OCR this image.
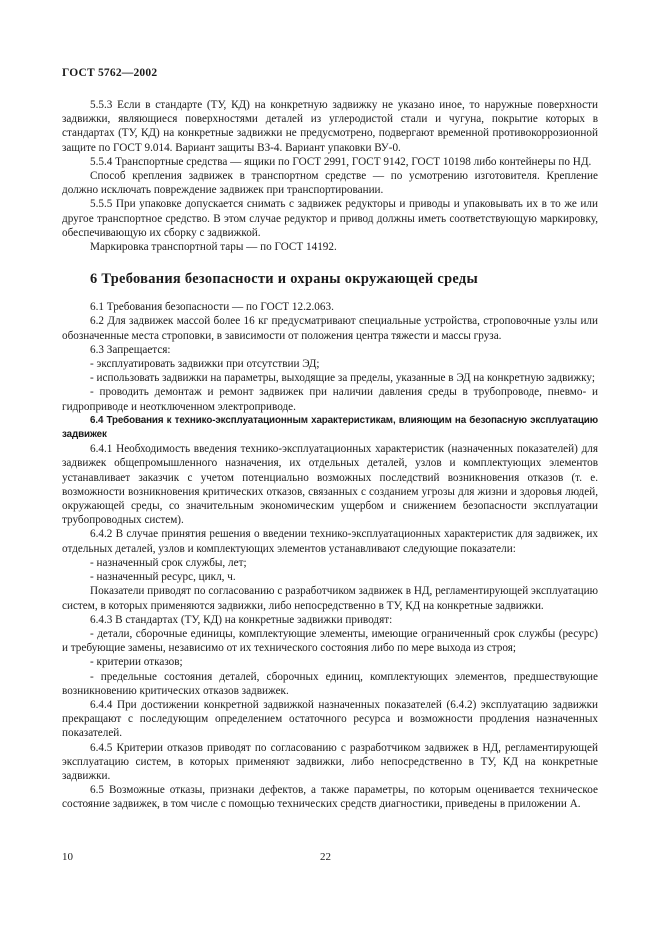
ГОСТ 5762—2002

5.5.3 Если в стандарте (ТУ, КД) на конкретную задвижку не указано иное, то наружные поверхности задвижки, являющиеся поверхностями деталей из углеродистой стали и чугуна, покрытие которых в стандартах (ТУ, КД) на конкретные задвижки не предусмотрено, подвергают временной противокоррозионной защите по ГОСТ 9.014. Вариант защиты ВЗ-4. Вариант упаковки ВУ-0.

5.5.4 Транспортные средства — ящики по ГОСТ 2991, ГОСТ 9142, ГОСТ 10198 либо контейнеры по НД.

Способ крепления задвижек в транспортном средстве — по усмотрению изготовителя. Крепление должно исключать повреждение задвижек при транспортировании.

5.5.5 При упаковке допускается снимать с задвижек редукторы и приводы и упаковывать их в то же или другое транспортное средство. В этом случае редуктор и привод должны иметь соответствующую маркировку, обеспечивающую их сборку с задвижкой.

Маркировка транспортной тары — по ГОСТ 14192.

6 Требования безопасности и охраны окружающей среды

6.1 Требования безопасности — по ГОСТ 12.2.063.

6.2 Для задвижек массой более 16 кг предусматривают специальные устройства, строповочные узлы или обозначенные места строповки, в зависимости от положения центра тяжести и массы груза.

6.3 Запрещается:

- эксплуатировать задвижки при отсутствии ЭД;

- использовать задвижки на параметры, выходящие за пределы, указанные в ЭД на конкретную задвижку;

- проводить демонтаж и ремонт задвижек при наличии давления среды в трубопроводе, пневмо- и гидроприводе и неотключенном электроприводе.

6.4 Требования к технико-эксплуатационным характеристикам, влияющим на безопасную эксплуатацию задвижек

6.4.1 Необходимость введения технико-эксплуатационных характеристик (назначенных показателей) для задвижек общепромышленного назначения, их отдельных деталей, узлов и комплектующих элементов устанавливает заказчик с учетом потенциально возможных последствий возникновения отказов (т. е. возможности возникновения критических отказов, связанных с созданием угрозы для жизни и здоровья людей, окружающей среды, со значительным экономическим ущербом и снижением безопасности эксплуатации трубопроводных систем).

6.4.2 В случае принятия решения о введении технико-эксплуатационных характеристик для задвижек, их отдельных деталей, узлов и комплектующих элементов устанавливают следующие показатели:

- назначенный срок службы, лет;

- назначенный ресурс, цикл, ч.

Показатели приводят по согласованию с разработчиком задвижек в НД, регламентирующей эксплуатацию систем, в которых применяются задвижки, либо непосредственно в ТУ, КД на конкретные задвижки.

6.4.3 В стандартах (ТУ, КД) на конкретные задвижки приводят:

- детали, сборочные единицы, комплектующие элементы, имеющие ограниченный срок службы (ресурс) и требующие замены, независимо от их технического состояния либо по мере выхода из строя;

- критерии отказов;

- предельные состояния деталей, сборочных единиц, комплектующих элементов, предшествующие возникновению критических отказов задвижек.

6.4.4 При достижении конкретной задвижкой назначенных показателей (6.4.2) эксплуатацию задвижки прекращают с последующим определением остаточного ресурса и возможности продления назначенных показателей.

6.4.5 Критерии отказов приводят по согласованию с разработчиком задвижек в НД, регламентирующей эксплуатацию систем, в которых применяют задвижки, либо непосредственно в ТУ, КД на конкретные задвижки.

6.5 Возможные отказы, признаки дефектов, а также параметры, по которым оценивается техническое состояние задвижек, в том числе с помощью технических средств диагностики, приведены в приложении А.

10	22
